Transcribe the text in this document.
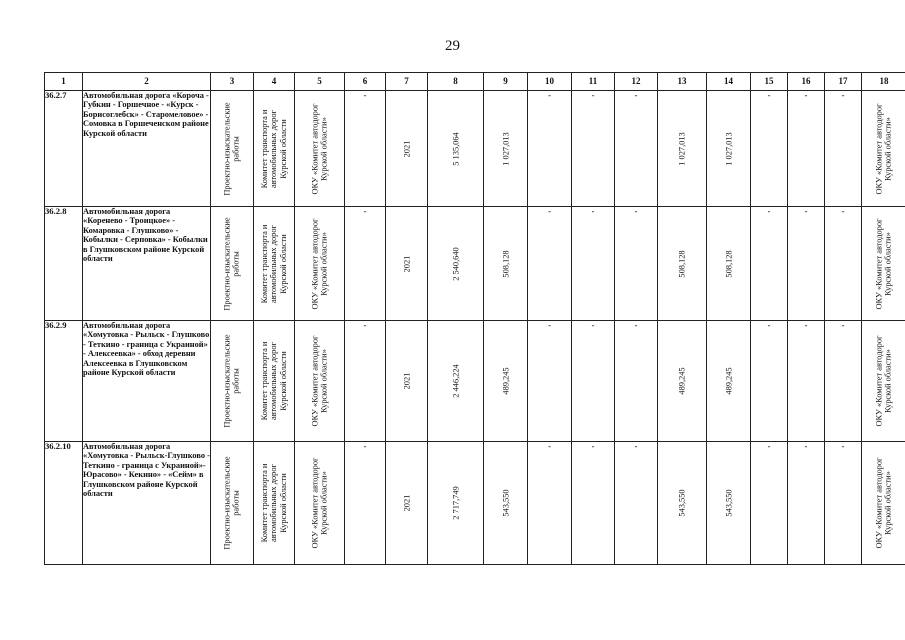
29
1	2	3	4	5	6	7	8	9	10	11	12	13	14	15	16	17	18
36.2.7	Автомобильная дорога «Короча - Губкин - Горшечное - «Курск - Борисоглебск» - Старомеловое» - Сомовка в Горшеченском районе Курской области	Проектно-изыскательские работы	Комитет транспорта и автомобильных дорог Курской области	ОКУ «Комитет автодорог Курской области»	-	2021	5 135,064	1 027,013	-	-	-	1 027,013	1 027,013	-	-	-	ОКУ «Комитет автодорог Курской области»

36.2.8	Автомобильная дорога «Коренево - Троицкое» - Комаровка - Глушково» - Кобылки - Серповка» - Кобылки в Глушковском районе Курской области	Проектно-изыскательские работы	Комитет транспорта и автомобильных дорог Курской области	ОКУ «Комитет автодорог Курской области»	-	2021	2 540,640	508,128	-	-	-	508,128	508,128	-	-	-	ОКУ «Комитет автодорог Курской области»

36.2.9	Автомобильная дорога «Хомутовка - Рыльск - Глушково - Теткино - граница с Украиной» - Алексеевка» - обход деревни Алексеевка в Глушковском районе Курской области	Проектно-изыскательские работы	Комитет транспорта и автомобильных дорог Курской области	ОКУ «Комитет автодорог Курской области»	-	2021	2 446,224	489,245	-	-	-	489,245	489,245	-	-	-	ОКУ «Комитет автодорог Курской области»

36.2.10	Автомобильная дорога «Хомутовка - Рыльск-Глушково - Теткино - граница с Украиной»-Юрасово» - Кекино» - «Сейм» в Глушковском районе Курской области	Проектно-изыскательские работы	Комитет транспорта и автомобильных дорог Курской области	ОКУ «Комитет автодорог Курской области»	-	2021	2 717,749	543,550	-	-	-	543,550	543,550	-	-	-	ОКУ «Комитет автодорог Курской области»
